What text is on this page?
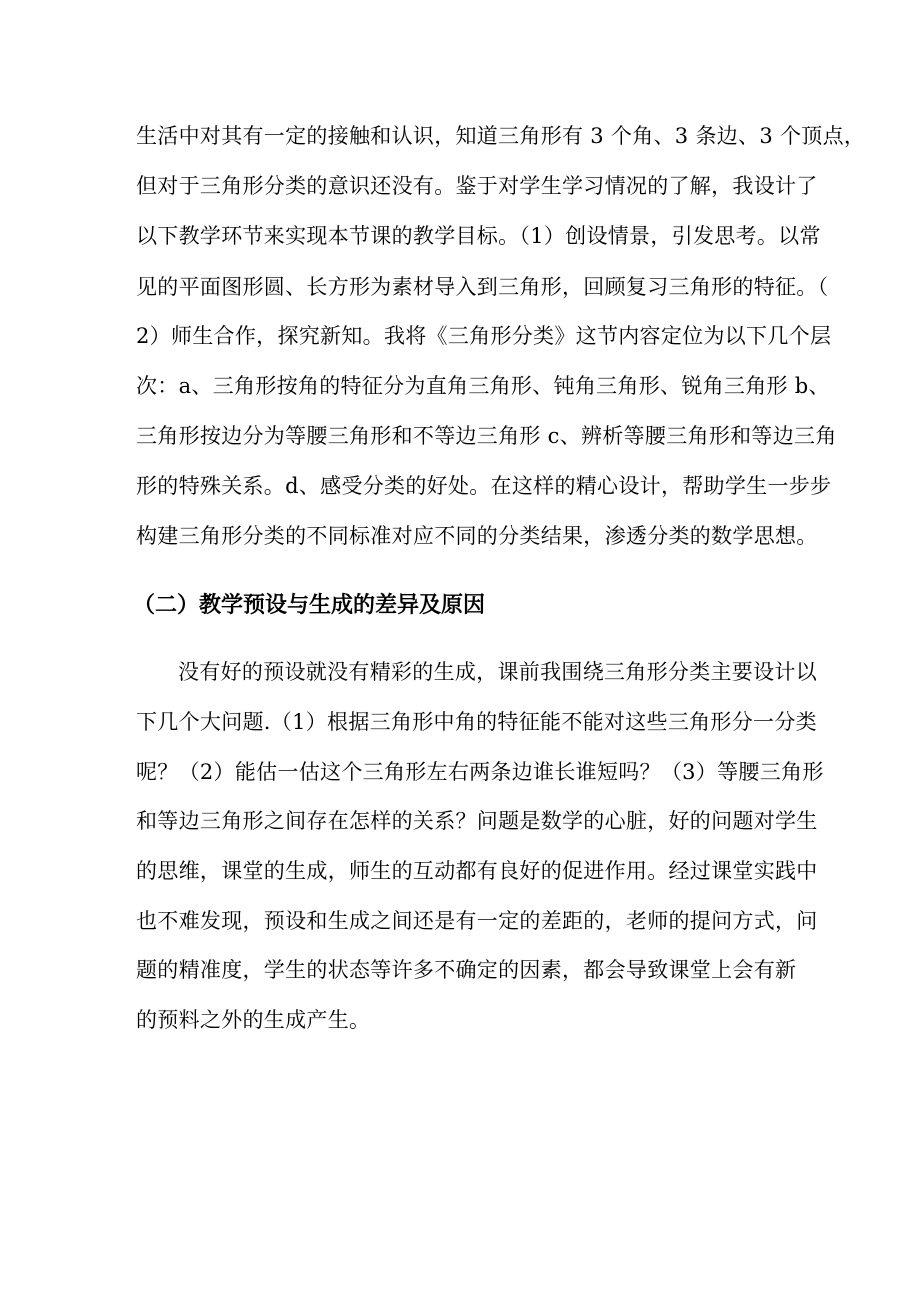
生活中对其有一定的接触和认识，知道三角形有 3 个角、3 条边、3 个顶点，
但对于三角形分类的意识还没有。鉴于对学生学习情况的了解，我设计了
以下教学环节来实现本节课的教学目标。（1）创设情景，引发思考。以常
见的平面图形圆、长方形为素材导入到三角形，回顾复习三角形的特征。（
2）师生合作，探究新知。我将《三角形分类》这节内容定位为以下几个层
次：a、三角形按角的特征分为直角三角形、钝角三角形、锐角三角形 b、
三角形按边分为等腰三角形和不等边三角形 c、辨析等腰三角形和等边三角
形的特殊关系。d、感受分类的好处。在这样的精心设计，帮助学生一步步
构建三角形分类的不同标准对应不同的分类结果，渗透分类的数学思想。
（二）教学预设与生成的差异及原因
没有好的预设就没有精彩的生成，课前我围绕三角形分类主要设计以
下几个大问题.（1）根据三角形中角的特征能不能对这些三角形分一分类
呢？（2）能估一估这个三角形左右两条边谁长谁短吗？（3）等腰三角形
和等边三角形之间存在怎样的关系？问题是数学的心脏，好的问题对学生
的思维，课堂的生成，师生的互动都有良好的促进作用。经过课堂实践中
也不难发现，预设和生成之间还是有一定的差距的，老师的提问方式，问
题的精准度，学生的状态等许多不确定的因素，都会导致课堂上会有新
的预料之外的生成产生。
